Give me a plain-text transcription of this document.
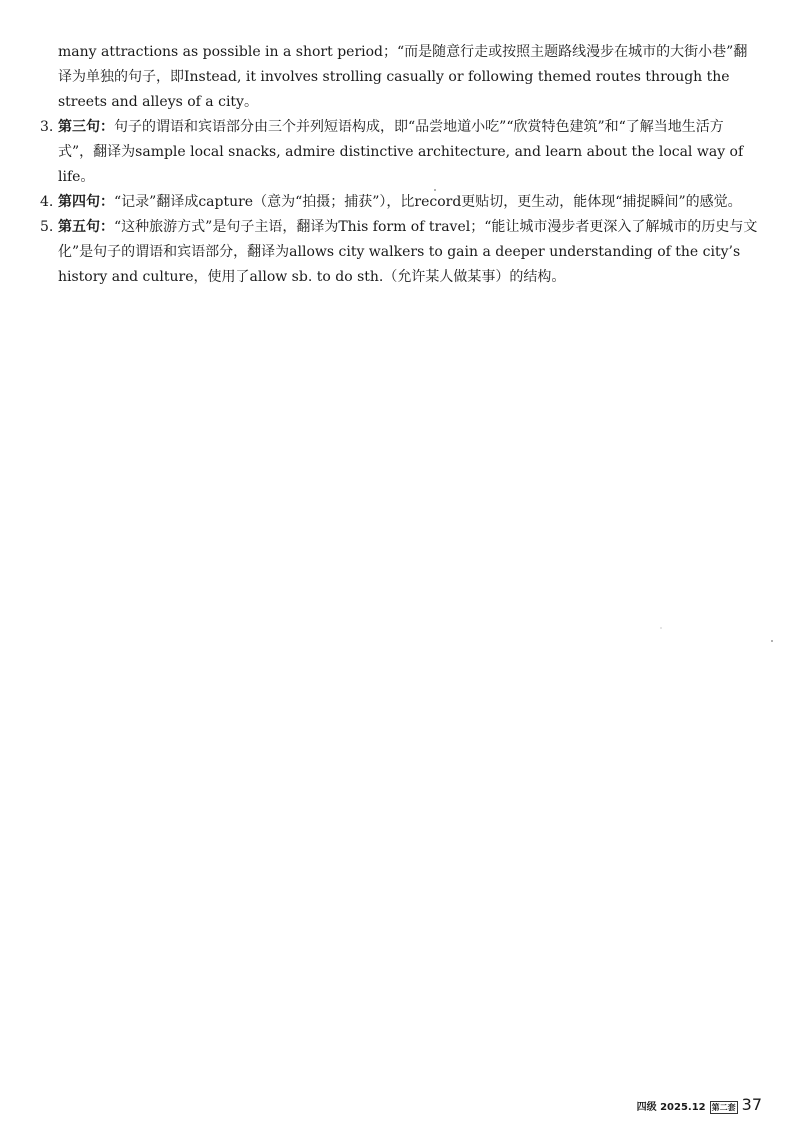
many attractions as possible in a short period；“而是随意行走或按照主题路线漫步在城市的大街小巷”翻译为单独的句子，即Instead, it involves strolling casually or following themed routes through the streets and alleys of a city。

3. 第三句：句子的谓语和宾语部分由三个并列短语构成，即“品尝地道小吃”“欣赏特色建筑”和“了解当地生活方式”，翻译为sample local snacks, admire distinctive architecture, and learn about the local way of life。
4. 第四句：“记录”翻译成capture（意为“拍摄；捕获”），比record更贴切，更生动，能体现“捕捉瞬间”的感觉。
5. 第五句：“这种旅游方式”是句子主语，翻译为This form of travel；“能让城市漫步者更深入了解城市的历史与文化”是句子的谓语和宾语部分，翻译为allows city walkers to gain a deeper understanding of the city’s history and culture，使用了allow sb. to do sth.（允许某人做某事）的结构。
四级 2025.12 第二套 37
